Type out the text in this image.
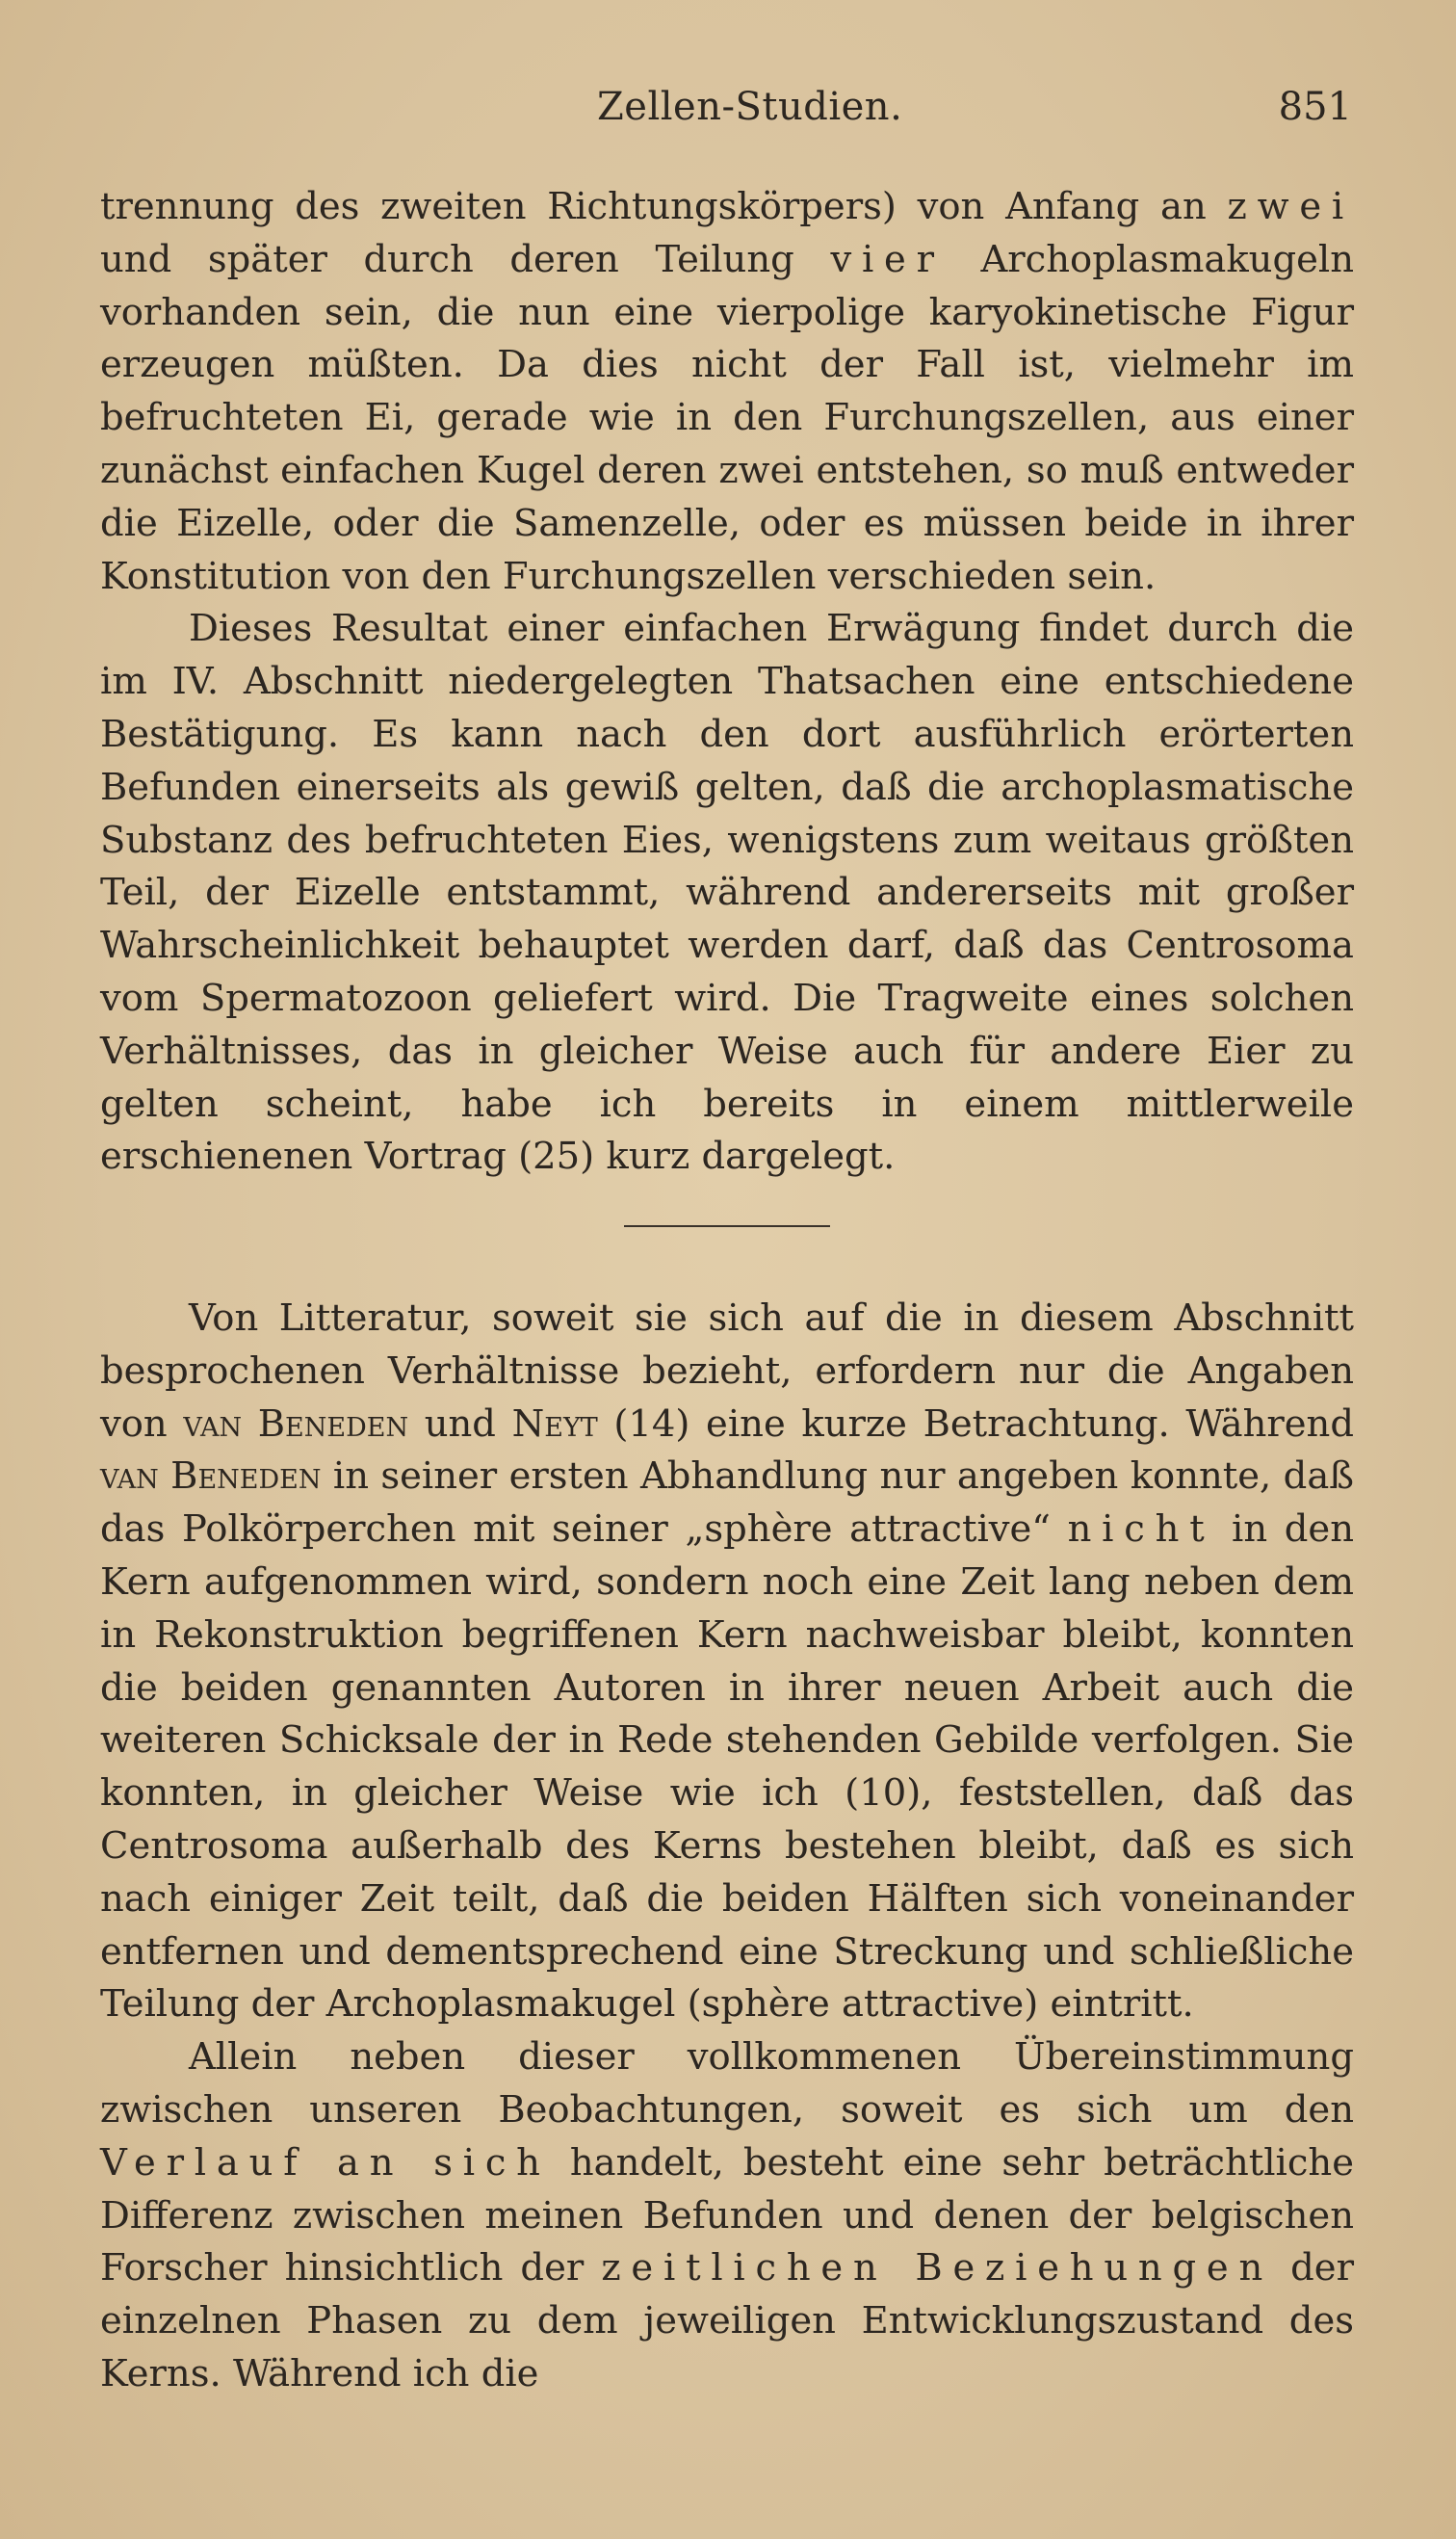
Zellen-Studien.	851

trennung des zweiten Richtungskörpers) von Anfang an zwei und später durch deren Teilung vier Archoplasmakugeln vorhanden sein, die nun eine vierpolige karyokinetische Figur erzeugen müßten. Da dies nicht der Fall ist, vielmehr im befruchteten Ei, gerade wie in den Furchungszellen, aus einer zunächst einfachen Kugel deren zwei entstehen, so muß entweder die Eizelle, oder die Samenzelle, oder es müssen beide in ihrer Konstitution von den Furchungszellen verschieden sein.

Dieses Resultat einer einfachen Erwägung findet durch die im IV. Abschnitt niedergelegten Thatsachen eine entschiedene Bestätigung. Es kann nach den dort ausführlich erörterten Befunden einerseits als gewiß gelten, daß die archoplasmatische Substanz des befruchteten Eies, wenigstens zum weitaus größten Teil, der Eizelle entstammt, während andererseits mit großer Wahrscheinlichkeit behauptet werden darf, daß das Centrosoma vom Spermatozoon geliefert wird. Die Tragweite eines solchen Verhältnisses, das in gleicher Weise auch für andere Eier zu gelten scheint, habe ich bereits in einem mittlerweile erschienenen Vortrag (25) kurz dargelegt.

Von Litteratur, soweit sie sich auf die in diesem Abschnitt besprochenen Verhältnisse bezieht, erfordern nur die Angaben von van Beneden und Neyt (14) eine kurze Betrachtung. Während van Beneden in seiner ersten Abhandlung nur angeben konnte, daß das Polkörperchen mit seiner „sphère attractive“ nicht in den Kern aufgenommen wird, sondern noch eine Zeit lang neben dem in Rekonstruktion begriffenen Kern nachweisbar bleibt, konnten die beiden genannten Autoren in ihrer neuen Arbeit auch die weiteren Schicksale der in Rede stehenden Gebilde verfolgen. Sie konnten, in gleicher Weise wie ich (10), feststellen, daß das Centrosoma außerhalb des Kerns bestehen bleibt, daß es sich nach einiger Zeit teilt, daß die beiden Hälften sich voneinander entfernen und dementsprechend eine Streckung und schließliche Teilung der Archoplasmakugel (sphère attractive) eintritt.

Allein neben dieser vollkommenen Übereinstimmung zwischen unseren Beobachtungen, soweit es sich um den Verlauf an sich handelt, besteht eine sehr beträchtliche Differenz zwischen meinen Befunden und denen der belgischen Forscher hinsichtlich der zeitlichen Beziehungen der einzelnen Phasen zu dem jeweiligen Entwicklungszustand des Kerns. Während ich die
